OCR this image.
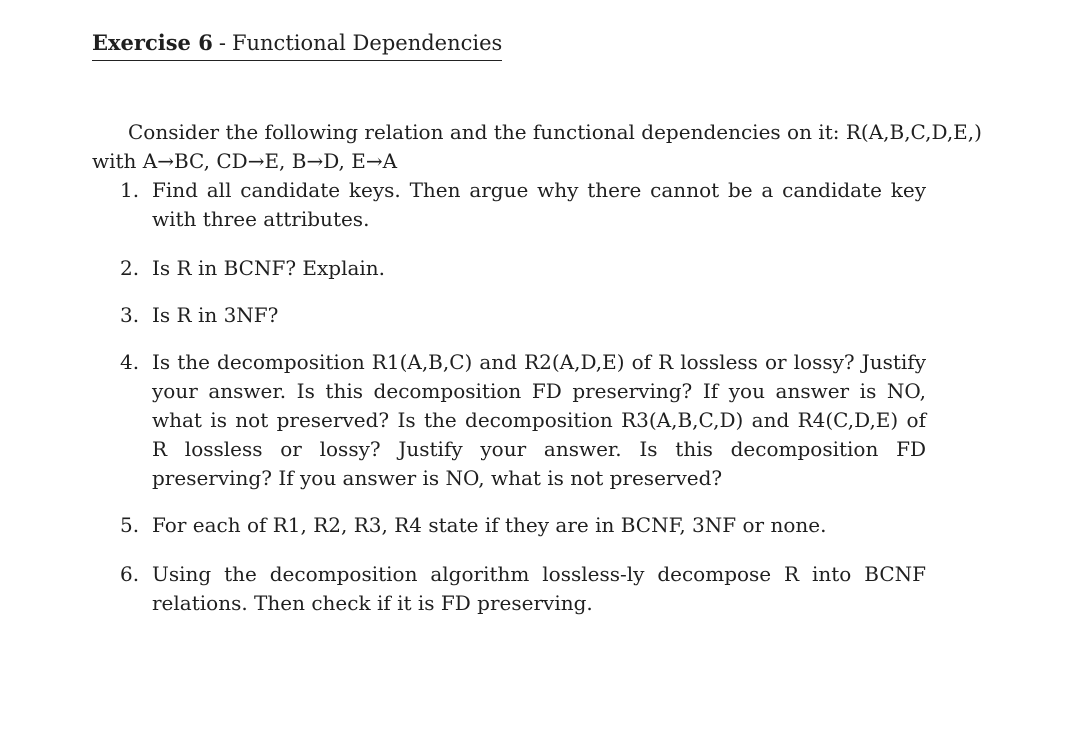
Exercise 6 - Functional Dependencies

Consider the following relation and the functional dependencies on it: R(A,B,C,D,E,) with A→BC, CD→E, B→D, E→A

1. Find all candidate keys. Then argue why there cannot be a candidate key with three attributes.
2. Is R in BCNF? Explain.
3. Is R in 3NF?
4. Is the decomposition R1(A,B,C) and R2(A,D,E) of R lossless or lossy? Justify your answer. Is this decomposition FD preserving? If you answer is NO, what is not preserved? Is the decomposition R3(A,B,C,D) and R4(C,D,E) of R lossless or lossy? Justify your answer. Is this decomposition FD preserving? If you answer is NO, what is not preserved?
5. For each of R1, R2, R3, R4 state if they are in BCNF, 3NF or none.
6. Using the decomposition algorithm lossless-ly decompose R into BCNF relations. Then check if it is FD preserving.
